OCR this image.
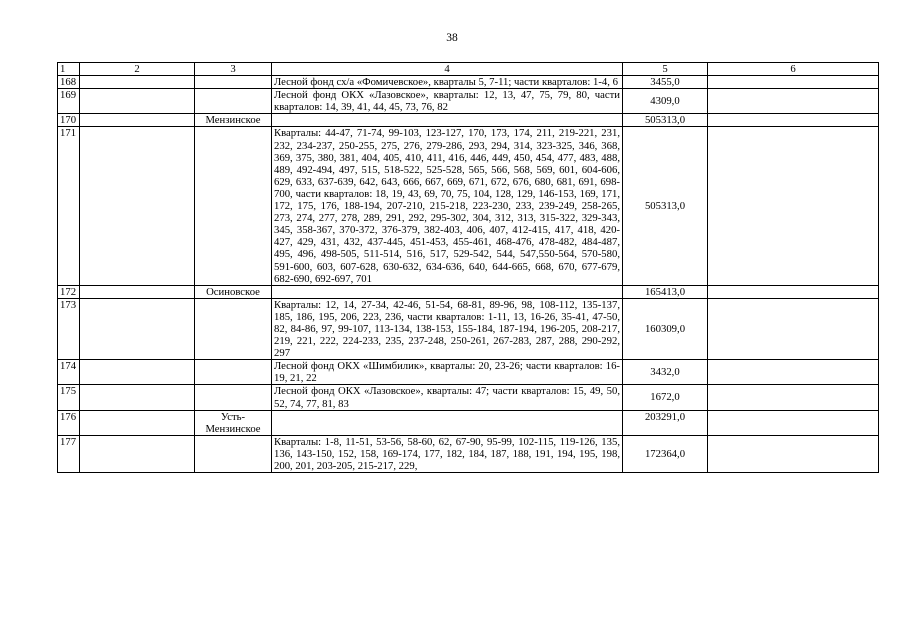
38
1	2	3	4	5	6
168			Лесной фонд сх/а «Фомичевское», кварталы 5, 7-11; части кварталов: 1-4, 6	3455,0	
169			Лесной фонд ОКХ «Лазовское», кварталы: 12, 13, 47, 75, 79, 80, части кварталов: 14, 39, 41, 44, 45, 73, 76, 82	4309,0	
170		Мензинское		505313,0	
171			Кварталы: 44-47, 71-74, 99-103, 123-127, 170, 173, 174, 211, 219-221, 231, 232, 234-237, 250-255, 275, 276, 279-286, 293, 294, 314, 323-325, 346, 368, 369, 375, 380, 381, 404, 405, 410, 411, 416, 446, 449, 450, 454, 477, 483, 488, 489, 492-494, 497, 515, 518-522, 525-528, 565, 566, 568, 569, 601, 604-606, 629, 633, 637-639, 642, 643, 666, 667, 669, 671, 672, 676, 680, 681, 691, 698-700, части кварталов: 18, 19, 43, 69, 70, 75, 104, 128, 129, 146-153, 169, 171, 172, 175, 176, 188-194, 207-210, 215-218, 223-230, 233, 239-249, 258-265, 273, 274, 277, 278, 289, 291, 292, 295-302, 304, 312, 313, 315-322, 329-343, 345, 358-367, 370-372, 376-379, 382-403, 406, 407, 412-415, 417, 418, 420-427, 429, 431, 432, 437-445, 451-453, 455-461, 468-476, 478-482, 484-487, 495, 496, 498-505, 511-514, 516, 517, 529-542, 544, 547,550-564, 570-580, 591-600, 603, 607-628, 630-632, 634-636, 640, 644-665, 668, 670, 677-679, 682-690, 692-697, 701	505313,0	
172		Осиновское		165413,0	
173			Кварталы: 12, 14, 27-34, 42-46, 51-54, 68-81, 89-96, 98, 108-112, 135-137, 185, 186, 195, 206, 223, 236, части кварталов: 1-11, 13, 16-26, 35-41, 47-50, 82, 84-86, 97, 99-107, 113-134, 138-153, 155-184, 187-194, 196-205, 208-217, 219, 221, 222, 224-233, 235, 237-248, 250-261, 267-283, 287, 288, 290-292, 297	160309,0	
174			Лесной фонд ОКХ «Шимбилик», кварталы: 20, 23-26; части кварталов: 16-19, 21, 22	3432,0	
175			Лесной фонд ОКХ «Лазовское», кварталы: 47; части кварталов: 15, 49, 50, 52, 74, 77, 81, 83	1672,0	
176		Усть-Мензинское		203291,0	
177			Кварталы: 1-8, 11-51, 53-56, 58-60, 62, 67-90, 95-99, 102-115, 119-126, 135, 136, 143-150, 152, 158, 169-174, 177, 182, 184, 187, 188, 191, 194, 195, 198, 200, 201, 203-205, 215-217, 229,	172364,0	
